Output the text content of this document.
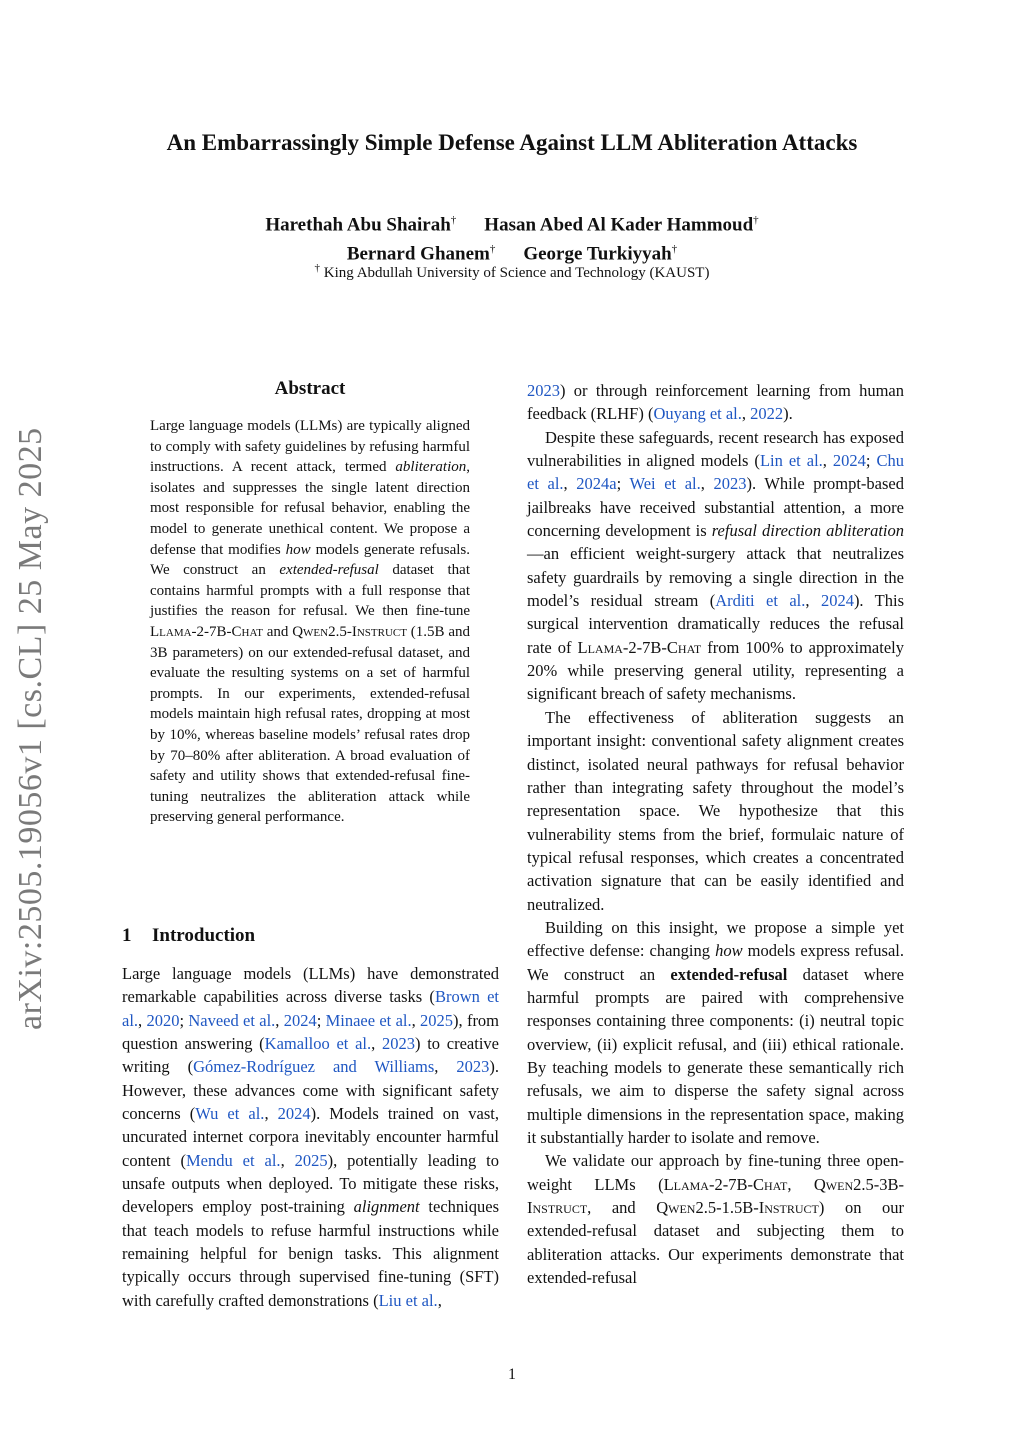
arXiv:2505.19056v1 [cs.CL] 25 May 2025
An Embarrassingly Simple Defense Against LLM Abliteration Attacks
Harethah Abu Shairah† Hasan Abed Al Kader Hammoud†
Bernard Ghanem† George Turkiyyah†
† King Abdullah University of Science and Technology (KAUST)
Abstract
Large language models (LLMs) are typically aligned to comply with safety guidelines by refusing harmful instructions. A recent attack, termed abliteration, isolates and suppresses the single latent direction most responsible for refusal behavior, enabling the model to generate unethical content. We propose a defense that modifies how models generate refusals. We construct an extended-refusal dataset that contains harmful prompts with a full response that justifies the reason for refusal. We then fine-tune Llama-2-7B-Chat and Qwen2.5-Instruct (1.5B and 3B parameters) on our extended-refusal dataset, and evaluate the resulting systems on a set of harmful prompts. In our experiments, extended-refusal models maintain high refusal rates, dropping at most by 10%, whereas baseline models’ refusal rates drop by 70–80% after abliteration. A broad evaluation of safety and utility shows that extended-refusal fine-tuning neutralizes the abliteration attack while preserving general performance.
1 Introduction

Large language models (LLMs) have demonstrated remarkable capabilities across diverse tasks (Brown et al., 2020; Naveed et al., 2024; Minaee et al., 2025), from question answering (Kamalloo et al., 2023) to creative writing (Gómez-Rodríguez and Williams, 2023). However, these advances come with significant safety concerns (Wu et al., 2024). Models trained on vast, uncurated internet corpora inevitably encounter harmful content (Mendu et al., 2025), potentially leading to unsafe outputs when deployed. To mitigate these risks, developers employ post-training alignment techniques that teach models to refuse harmful instructions while remaining helpful for benign tasks. This alignment typically occurs through supervised fine-tuning (SFT) with carefully crafted demonstrations (Liu et al.,

2023) or through reinforcement learning from human feedback (RLHF) (Ouyang et al., 2022).

Despite these safeguards, recent research has exposed vulnerabilities in aligned models (Lin et al., 2024; Chu et al., 2024a; Wei et al., 2023). While prompt-based jailbreaks have received substantial attention, a more concerning development is refusal direction abliteration—an efficient weight-surgery attack that neutralizes safety guardrails by removing a single direction in the model’s residual stream (Arditi et al., 2024). This surgical intervention dramatically reduces the refusal rate of Llama-2-7B-Chat from 100% to approximately 20% while preserving general utility, representing a significant breach of safety mechanisms.

The effectiveness of abliteration suggests an important insight: conventional safety alignment creates distinct, isolated neural pathways for refusal behavior rather than integrating safety throughout the model’s representation space. We hypothesize that this vulnerability stems from the brief, formulaic nature of typical refusal responses, which creates a concentrated activation signature that can be easily identified and neutralized.

Building on this insight, we propose a simple yet effective defense: changing how models express refusal. We construct an extended-refusal dataset where harmful prompts are paired with comprehensive responses containing three components: (i) neutral topic overview, (ii) explicit refusal, and (iii) ethical rationale. By teaching models to generate these semantically rich refusals, we aim to disperse the safety signal across multiple dimensions in the representation space, making it substantially harder to isolate and remove.

We validate our approach by fine-tuning three open-weight LLMs (Llama-2-7B-Chat, Qwen2.5-3B-Instruct, and Qwen2.5-1.5B-Instruct) on our extended-refusal dataset and subjecting them to abliteration attacks. Our experiments demonstrate that extended-refusal

1
